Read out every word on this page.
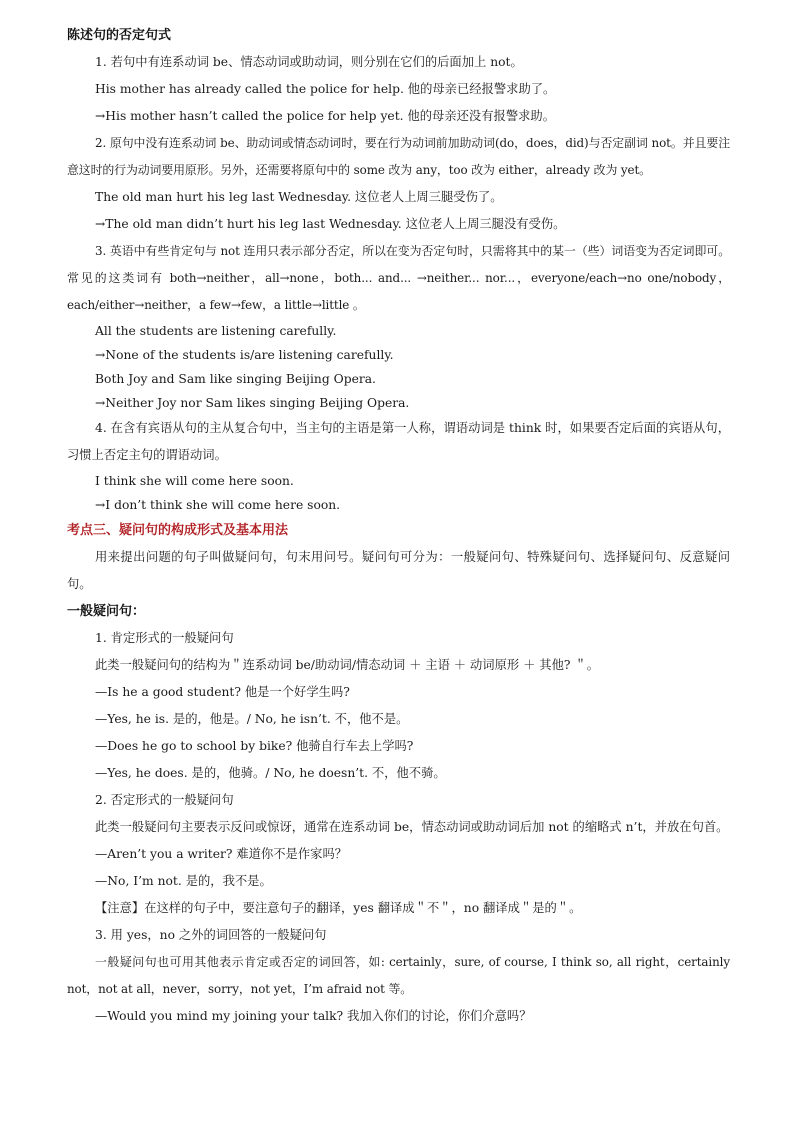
陈述句的否定句式

1. 若句中有连系动词 be、情态动词或助动词，则分别在它们的后面加上 not。

His mother has already called the police for help. 他的母亲已经报警求助了。

→His mother hasn’t called the police for help yet. 他的母亲还没有报警求助。

2. 原句中没有连系动词 be、助动词或情态动词时，要在行为动词前加助动词(do，does，did)与否定副词 not。并且要注意这时的行为动词要用原形。另外，还需要将原句中的 some 改为 any，too 改为 either，already 改为 yet。

The old man hurt his leg last Wednesday. 这位老人上周三腿受伤了。

→The old man didn’t hurt his leg last Wednesday. 这位老人上周三腿没有受伤。

3. 英语中有些肯定句与 not 连用只表示部分否定，所以在变为否定句时，只需将其中的某一（些）词语变为否定词即可。常见的这类词有 both→neither，all→none，both... and... →neither... nor...，everyone/each→no one/nobody，each/either→neither，a few→few，a little→little 。

All the students are listening carefully.

→None of the students is/are listening carefully.

Both Joy and Sam like singing Beijing Opera.

→Neither Joy nor Sam likes singing Beijing Opera.

4. 在含有宾语从句的主从复合句中，当主句的主语是第一人称，谓语动词是 think 时，如果要否定后面的宾语从句，习惯上否定主句的谓语动词。

I think she will come here soon.

→I don’t think she will come here soon.

考点三、疑问句的构成形式及基本用法

用来提出问题的句子叫做疑问句，句末用问号。疑问句可分为：一般疑问句、特殊疑问句、选择疑问句、反意疑问句。

一般疑问句：

1. 肯定形式的一般疑问句

此类一般疑问句的结构为＂连系动词 be/助动词/情态动词 ＋ 主语 ＋ 动词原形 ＋ 其他? ＂。

—Is he a good student? 他是一个好学生吗?

—Yes, he is. 是的，他是。/ No, he isn’t. 不，他不是。

—Does he go to school by bike? 他骑自行车去上学吗?

—Yes, he does. 是的，他骑。/ No, he doesn’t. 不，他不骑。

2. 否定形式的一般疑问句

此类一般疑问句主要表示反问或惊讶，通常在连系动词 be，情态动词或助动词后加 not 的缩略式 n’t，并放在句首。

—Aren’t you a writer? 难道你不是作家吗？

—No, I’m not. 是的，我不是。

【注意】在这样的句子中，要注意句子的翻译，yes 翻译成＂不＂，no 翻译成＂是的＂。

3. 用 yes，no 之外的词回答的一般疑问句

一般疑问句也可用其他表示肯定或否定的词回答，如: certainly，sure, of course, I think so, all right，certainly not，not at all，never，sorry，not yet，I’m afraid not 等。

—Would you mind my joining your talk? 我加入你们的讨论，你们介意吗？
